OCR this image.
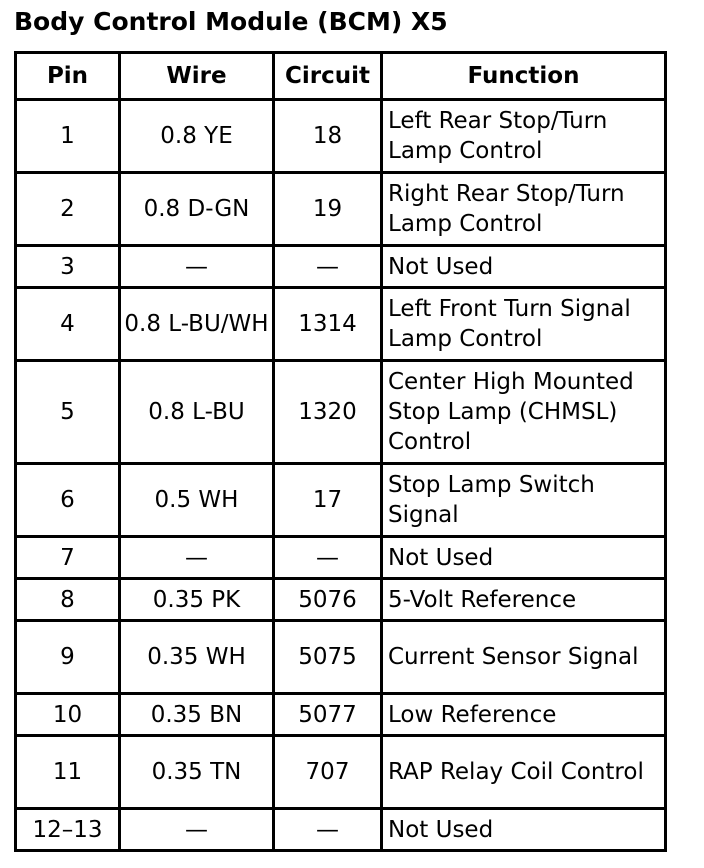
Body Control Module (BCM) X5
Pin	Wire	Circuit	Function
1	0.8 YE	18	Left Rear Stop/Turn Lamp Control
2	0.8 D-GN	19	Right Rear Stop/Turn Lamp Control
3	—	—	Not Used
4	0.8 L-BU/WH	1314	Left Front Turn Signal Lamp Control
5	0.8 L-BU	1320	Center High Mounted Stop Lamp (CHMSL) Control
6	0.5 WH	17	Stop Lamp Switch Signal
7	—	—	Not Used
8	0.35 PK	5076	5-Volt Reference
9	0.35 WH	5075	Current Sensor Signal
10	0.35 BN	5077	Low Reference
11	0.35 TN	707	RAP Relay Coil Control
12–13	—	—	Not Used
